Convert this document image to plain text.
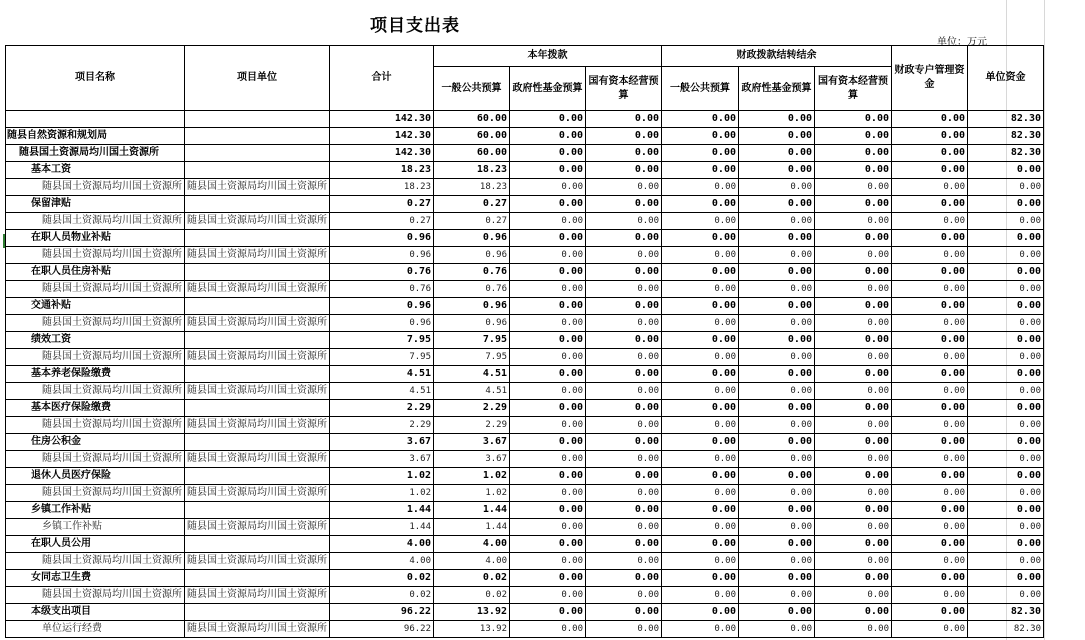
项目支出表
单位：万元
项目名称	项目单位	合计	本年拨款			财政拨款结转结余			财政专户管理资金	单位资金
			一般公共预算	政府性基金预算	国有资本经营预算	一般公共预算	政府性基金预算	国有资本经营预算		
		142.30	60.00	0.00	0.00	0.00	0.00	0.00	0.00	82.30
随县自然资源和规划局		142.30	60.00	0.00	0.00	0.00	0.00	0.00	0.00	82.30
随县国土资源局均川国土资源所		142.30	60.00	0.00	0.00	0.00	0.00	0.00	0.00	82.30
基本工资		18.23	18.23	0.00	0.00	0.00	0.00	0.00	0.00	0.00
随县国土资源局均川国土资源所	随县国土资源局均川国土资源所	18.23	18.23	0.00	0.00	0.00	0.00	0.00	0.00	0.00
保留津贴		0.27	0.27	0.00	0.00	0.00	0.00	0.00	0.00	0.00
随县国土资源局均川国土资源所	随县国土资源局均川国土资源所	0.27	0.27	0.00	0.00	0.00	0.00	0.00	0.00	0.00
在职人员物业补贴		0.96	0.96	0.00	0.00	0.00	0.00	0.00	0.00	0.00
随县国土资源局均川国土资源所	随县国土资源局均川国土资源所	0.96	0.96	0.00	0.00	0.00	0.00	0.00	0.00	0.00
在职人员住房补贴		0.76	0.76	0.00	0.00	0.00	0.00	0.00	0.00	0.00
随县国土资源局均川国土资源所	随县国土资源局均川国土资源所	0.76	0.76	0.00	0.00	0.00	0.00	0.00	0.00	0.00
交通补贴		0.96	0.96	0.00	0.00	0.00	0.00	0.00	0.00	0.00
随县国土资源局均川国土资源所	随县国土资源局均川国土资源所	0.96	0.96	0.00	0.00	0.00	0.00	0.00	0.00	0.00
绩效工资		7.95	7.95	0.00	0.00	0.00	0.00	0.00	0.00	0.00
随县国土资源局均川国土资源所	随县国土资源局均川国土资源所	7.95	7.95	0.00	0.00	0.00	0.00	0.00	0.00	0.00
基本养老保险缴费		4.51	4.51	0.00	0.00	0.00	0.00	0.00	0.00	0.00
随县国土资源局均川国土资源所	随县国土资源局均川国土资源所	4.51	4.51	0.00	0.00	0.00	0.00	0.00	0.00	0.00
基本医疗保险缴费		2.29	2.29	0.00	0.00	0.00	0.00	0.00	0.00	0.00
随县国土资源局均川国土资源所	随县国土资源局均川国土资源所	2.29	2.29	0.00	0.00	0.00	0.00	0.00	0.00	0.00
住房公积金		3.67	3.67	0.00	0.00	0.00	0.00	0.00	0.00	0.00
随县国土资源局均川国土资源所	随县国土资源局均川国土资源所	3.67	3.67	0.00	0.00	0.00	0.00	0.00	0.00	0.00
退休人员医疗保险		1.02	1.02	0.00	0.00	0.00	0.00	0.00	0.00	0.00
随县国土资源局均川国土资源所	随县国土资源局均川国土资源所	1.02	1.02	0.00	0.00	0.00	0.00	0.00	0.00	0.00
乡镇工作补贴		1.44	1.44	0.00	0.00	0.00	0.00	0.00	0.00	0.00
乡镇工作补贴	随县国土资源局均川国土资源所	1.44	1.44	0.00	0.00	0.00	0.00	0.00	0.00	0.00
在职人员公用		4.00	4.00	0.00	0.00	0.00	0.00	0.00	0.00	0.00
随县国土资源局均川国土资源所	随县国土资源局均川国土资源所	4.00	4.00	0.00	0.00	0.00	0.00	0.00	0.00	0.00
女同志卫生费		0.02	0.02	0.00	0.00	0.00	0.00	0.00	0.00	0.00
随县国土资源局均川国土资源所	随县国土资源局均川国土资源所	0.02	0.02	0.00	0.00	0.00	0.00	0.00	0.00	0.00
本级支出项目		96.22	13.92	0.00	0.00	0.00	0.00	0.00	0.00	82.30
单位运行经费	随县国土资源局均川国土资源所	96.22	13.92	0.00	0.00	0.00	0.00	0.00	0.00	82.30
